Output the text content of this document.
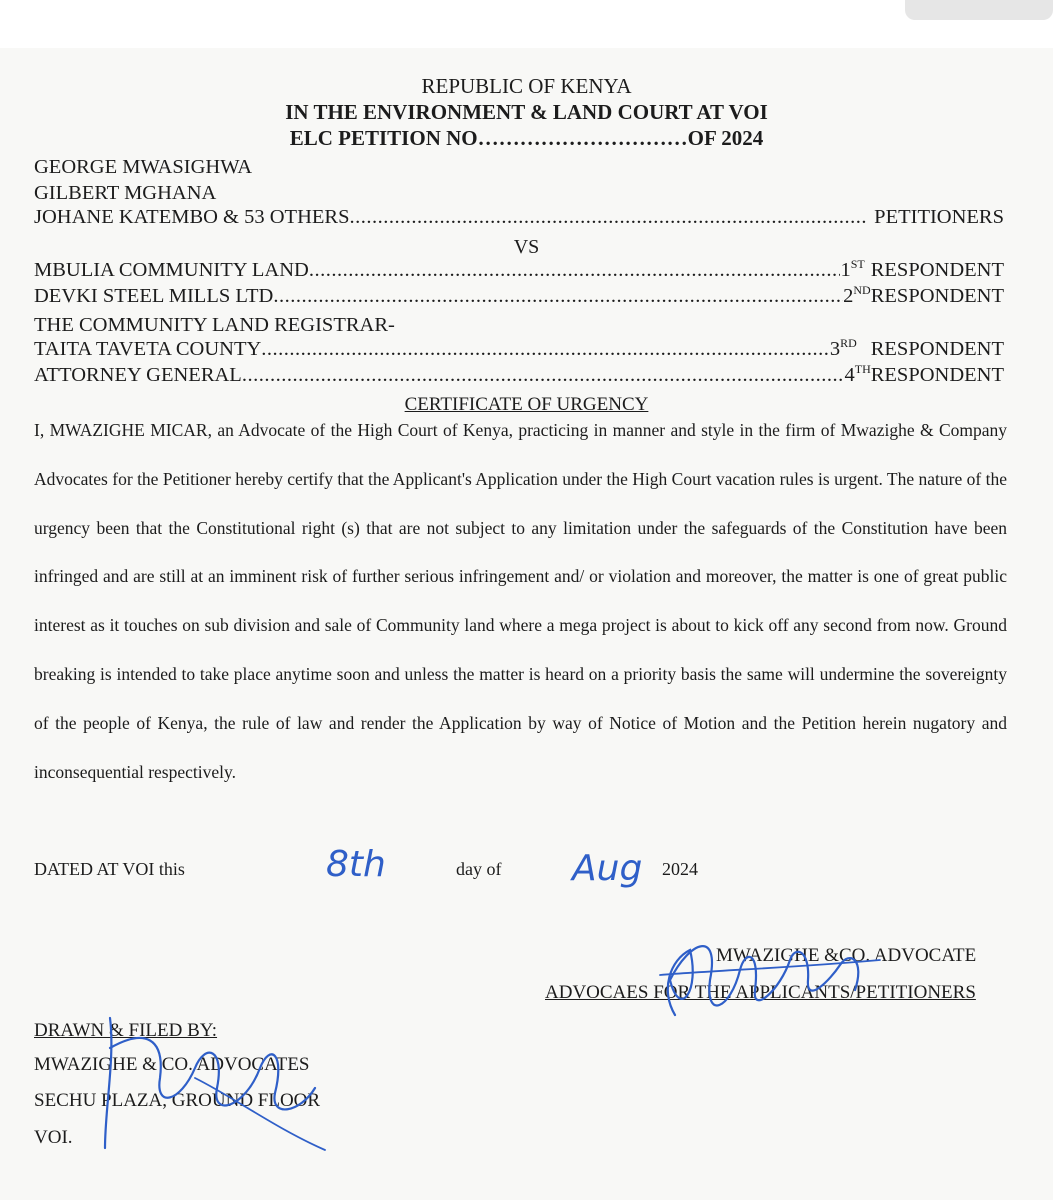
REPUBLIC OF KENYA
IN THE ENVIRONMENT & LAND COURT AT VOI
ELC PETITION NO…………………………OF 2024
GEORGE MWASIGHWA
GILBERT MGHANA
JOHANE KATEMBO & 53 OTHERS .....	PETITIONERS
VS
MBULIA COMMUNITY LAND .....	1ST RESPONDENT
DEVKI STEEL MILLS LTD .....	2ND RESPONDENT
THE COMMUNITY LAND REGISTRAR-
TAITA TAVETA COUNTY .....	3RD RESPONDENT
ATTORNEY GENERAL .....	4TH RESPONDENT
CERTIFICATE OF URGENCY
I, MWAZIGHE MICAR, an Advocate of the High Court of Kenya, practicing in manner and style in the firm of Mwazighe & Company Advocates for the Petitioner hereby certify that the Applicant's Application under the High Court vacation rules is urgent. The nature of the urgency been that the Constitutional right (s) that are not subject to any limitation under the safeguards of the Constitution have been infringed and are still at an imminent risk of further serious infringement and/ or violation and moreover, the matter is one of great public interest as it touches on sub division and sale of Community land where a mega project is about to kick off any second from now. Ground breaking is intended to take place anytime soon and unless the matter is heard on a priority basis the same will undermine the sovereignty of the people of Kenya, the rule of law and render the Application by way of Notice of Motion and the Petition herein nugatory and inconsequential respectively.
DATED AT VOI this	8th	day of Aug 2024
MWAZIGHE &CO. ADVOCATE
ADVOCAES FOR THE APPLICANTS/PETITIONERS
DRAWN & FILED BY:
MWAZIGHE & CO. ADVOCATES
SECHU PLAZA, GROUND FLOOR
VOI.
